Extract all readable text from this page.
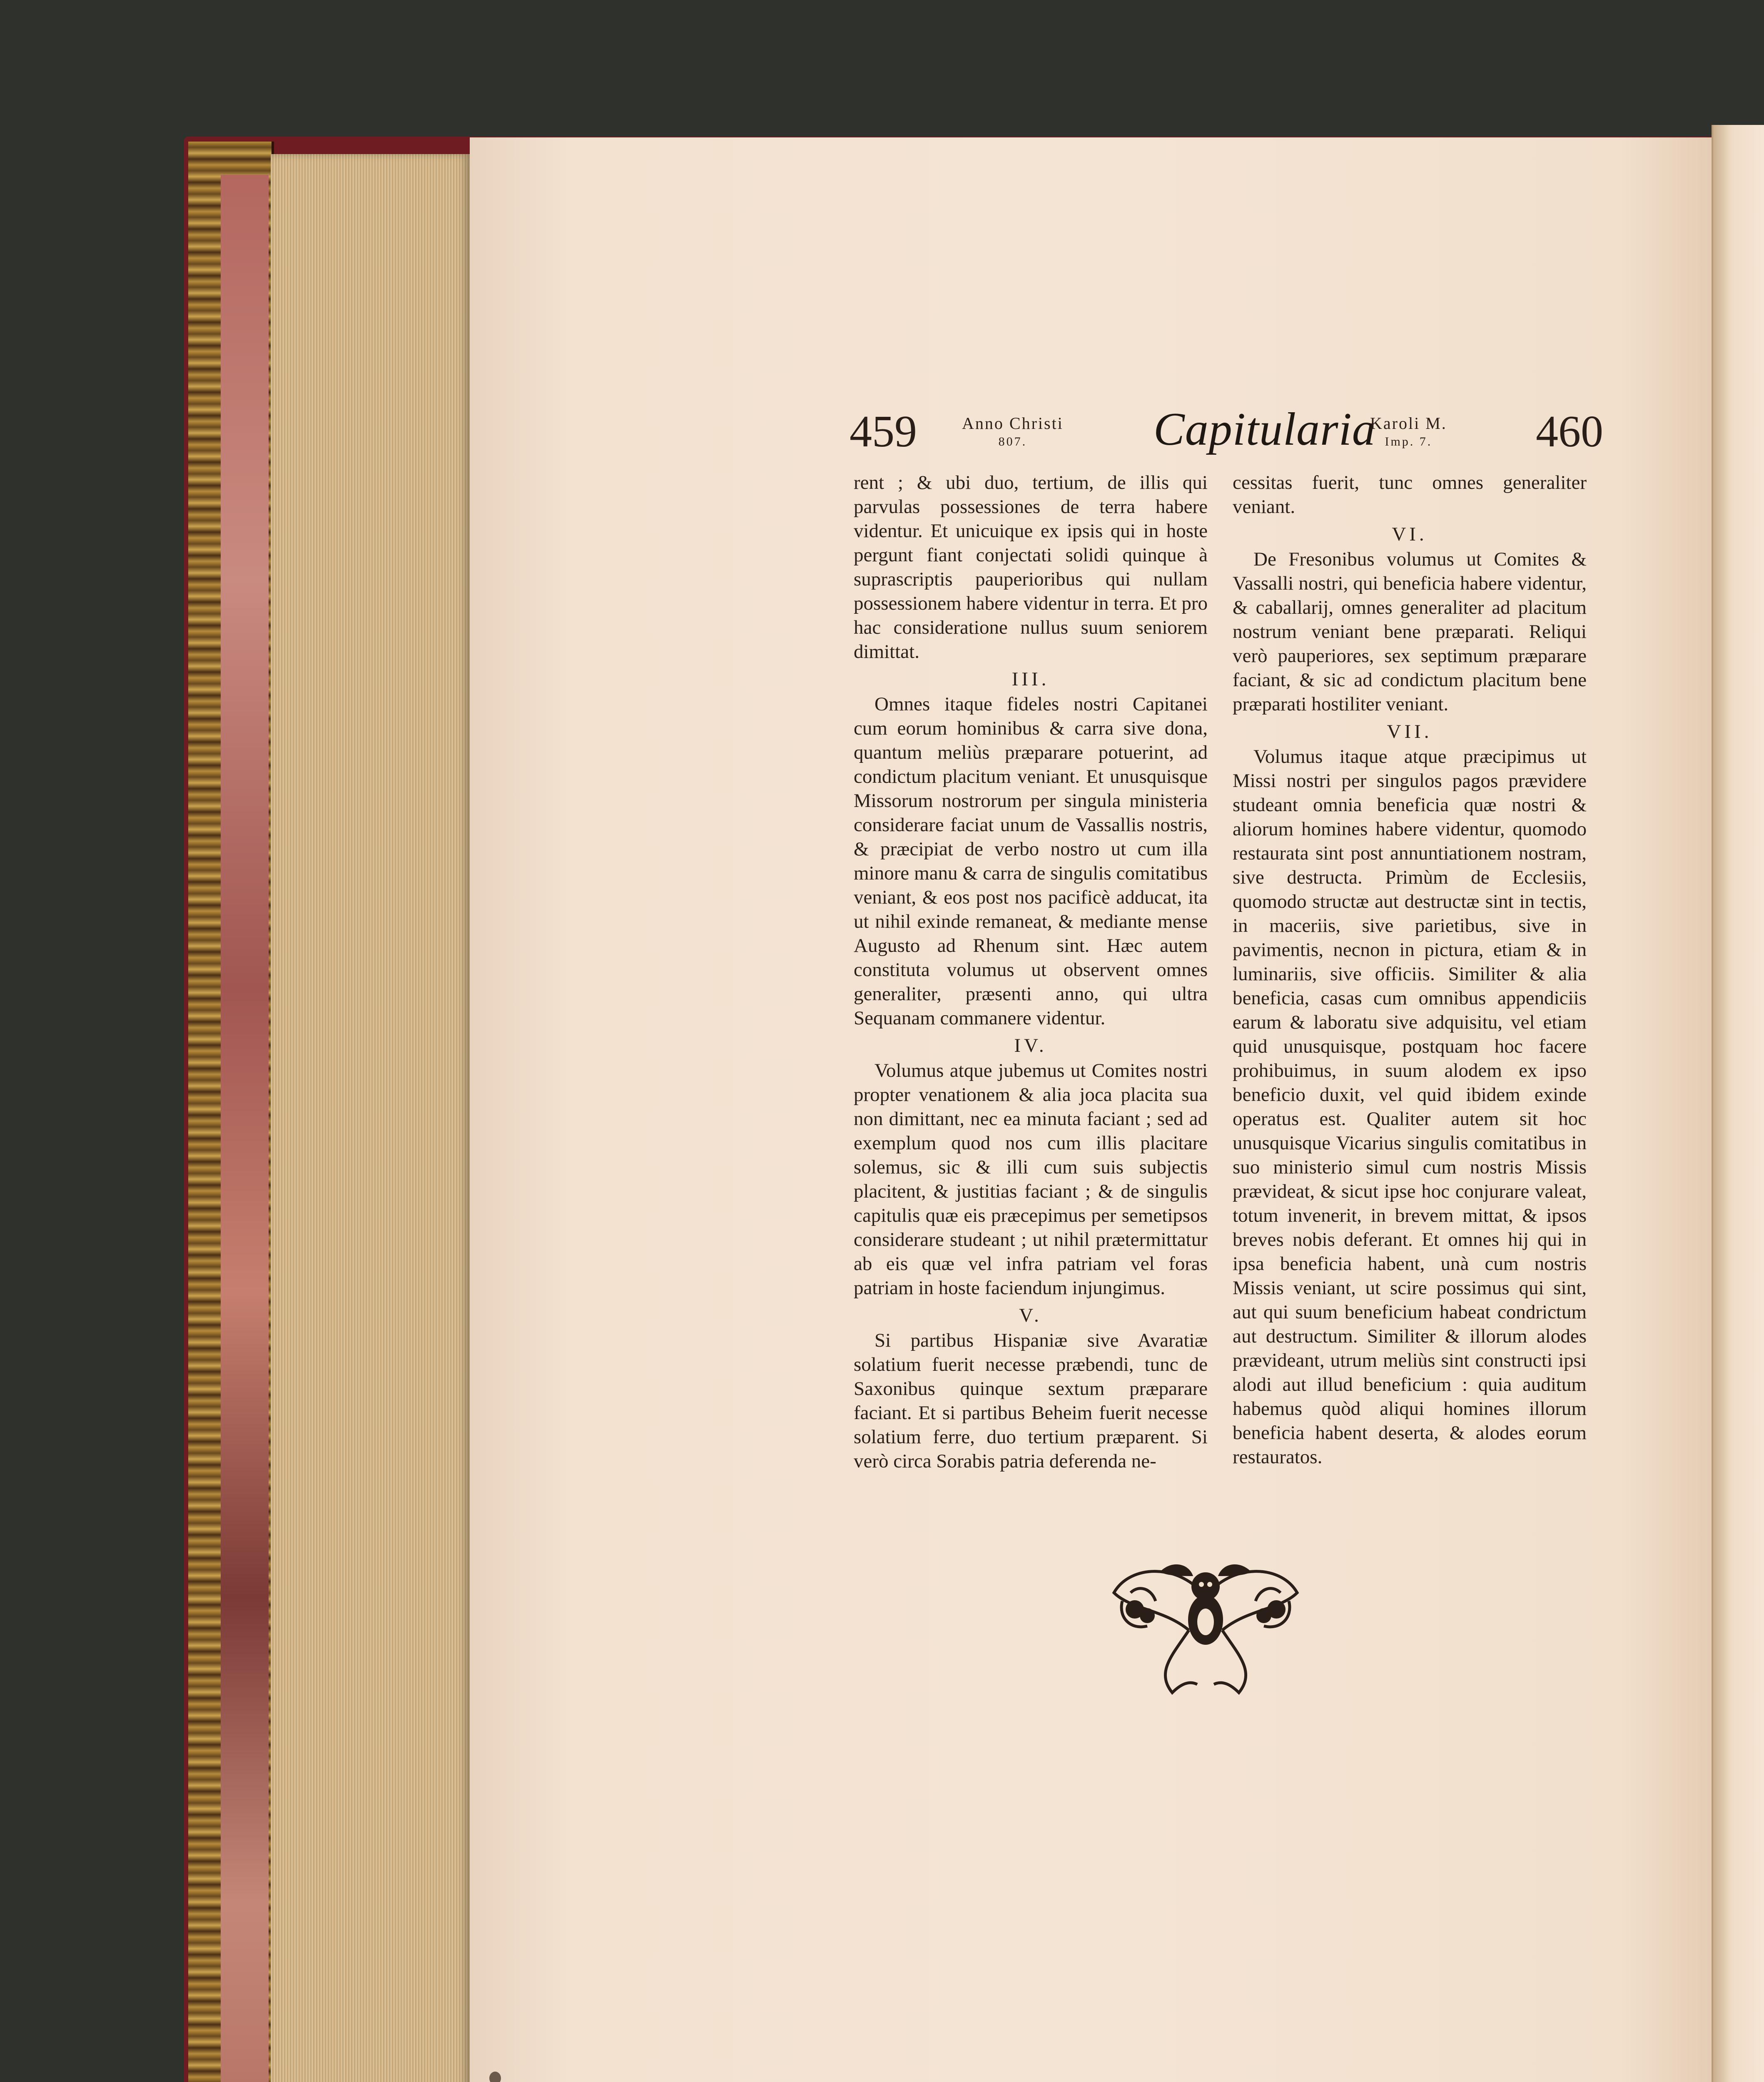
459	Anno Christi
807.	Capitularia
Karoli M.
Imp. 7.	460

rent ; & ubi duo, tertium, de illis qui parvulas possessiones de terra habere videntur. Et unicuique ex ipsis qui in hoste pergunt fiant conjectati solidi quinque à suprascriptis pauperioribus qui nullam possessionem habere videntur in terra. Et pro hac consideratione nullus suum seniorem dimittat.

III.

Omnes itaque fideles nostri Capitanei cum eorum hominibus & carra sive dona, quantum meliùs præparare potuerint, ad condictum placitum veniant. Et unusquisque Missorum nostrorum per singula ministeria considerare faciat unum de Vassallis nostris, & præcipiat de verbo nostro ut cum illa minore manu & carra de singulis comitatibus veniant, & eos post nos pacificè adducat, ita ut nihil exinde remaneat, & mediante mense Augusto ad Rhenum sint. Hæc autem constituta volumus ut observent omnes generaliter, præsenti anno, qui ultra Sequanam commanere videntur.

IV.

Volumus atque jubemus ut Comites nostri propter venationem & alia joca placita sua non dimittant, nec ea minuta faciant ; sed ad exemplum quod nos cum illis placitare solemus, sic & illi cum suis subjectis placitent, & justitias faciant ; & de singulis capitulis quæ eis præcepimus per semetipsos considerare studeant ; ut nihil prætermittatur ab eis quæ vel infra patriam vel foras patriam in hoste faciendum injungimus.

V.

Si partibus Hispaniæ sive Avaratiæ solatium fuerit necesse præbendi, tunc de Saxonibus quinque sextum præparare faciant. Et si partibus Beheim fuerit necesse solatium ferre, duo tertium præparent. Si verò circa Sorabis patria deferenda ne-

cessitas fuerit, tunc omnes generaliter veniant.

VI.

De Fresonibus volumus ut Comites & Vassalli nostri, qui beneficia habere videntur, & caballarij, omnes generaliter ad placitum nostrum veniant bene præparati. Reliqui verò pauperiores, sex septimum præparare faciant, & sic ad condictum placitum bene præparati hostiliter veniant.

VII.

Volumus itaque atque præcipimus ut Missi nostri per singulos pagos prævidere studeant omnia beneficia quæ nostri & aliorum homines habere videntur, quomodo restaurata sint post annuntiationem nostram, sive destructa. Primùm de Ecclesiis, quomodo structæ aut destructæ sint in tectis, in maceriis, sive parietibus, sive in pavimentis, necnon in pictura, etiam & in luminariis, sive officiis. Similiter & alia beneficia, casas cum omnibus appendiciis earum & laboratu sive adquisitu, vel etiam quid unusquisque, postquam hoc facere prohibuimus, in suum alodem ex ipso beneficio duxit, vel quid ibidem exinde operatus est. Qualiter autem sit hoc unusquisque Vicarius singulis comitatibus in suo ministerio simul cum nostris Missis prævideat, & sicut ipse hoc conjurare valeat, totum invenerit, in brevem mittat, & ipsos breves nobis deferant. Et omnes hij qui in ipsa beneficia habent, unà cum nostris Missis veniant, ut scire possimus qui sint, aut qui suum beneficium habeat condrictum aut destructum. Similiter & illorum alodes prævideant, utrum meliùs sint constructi ipsi alodi aut illud beneficium : quia auditum habemus quòd aliqui homines illorum beneficia habent deserta, & alodes eorum restauratos.
